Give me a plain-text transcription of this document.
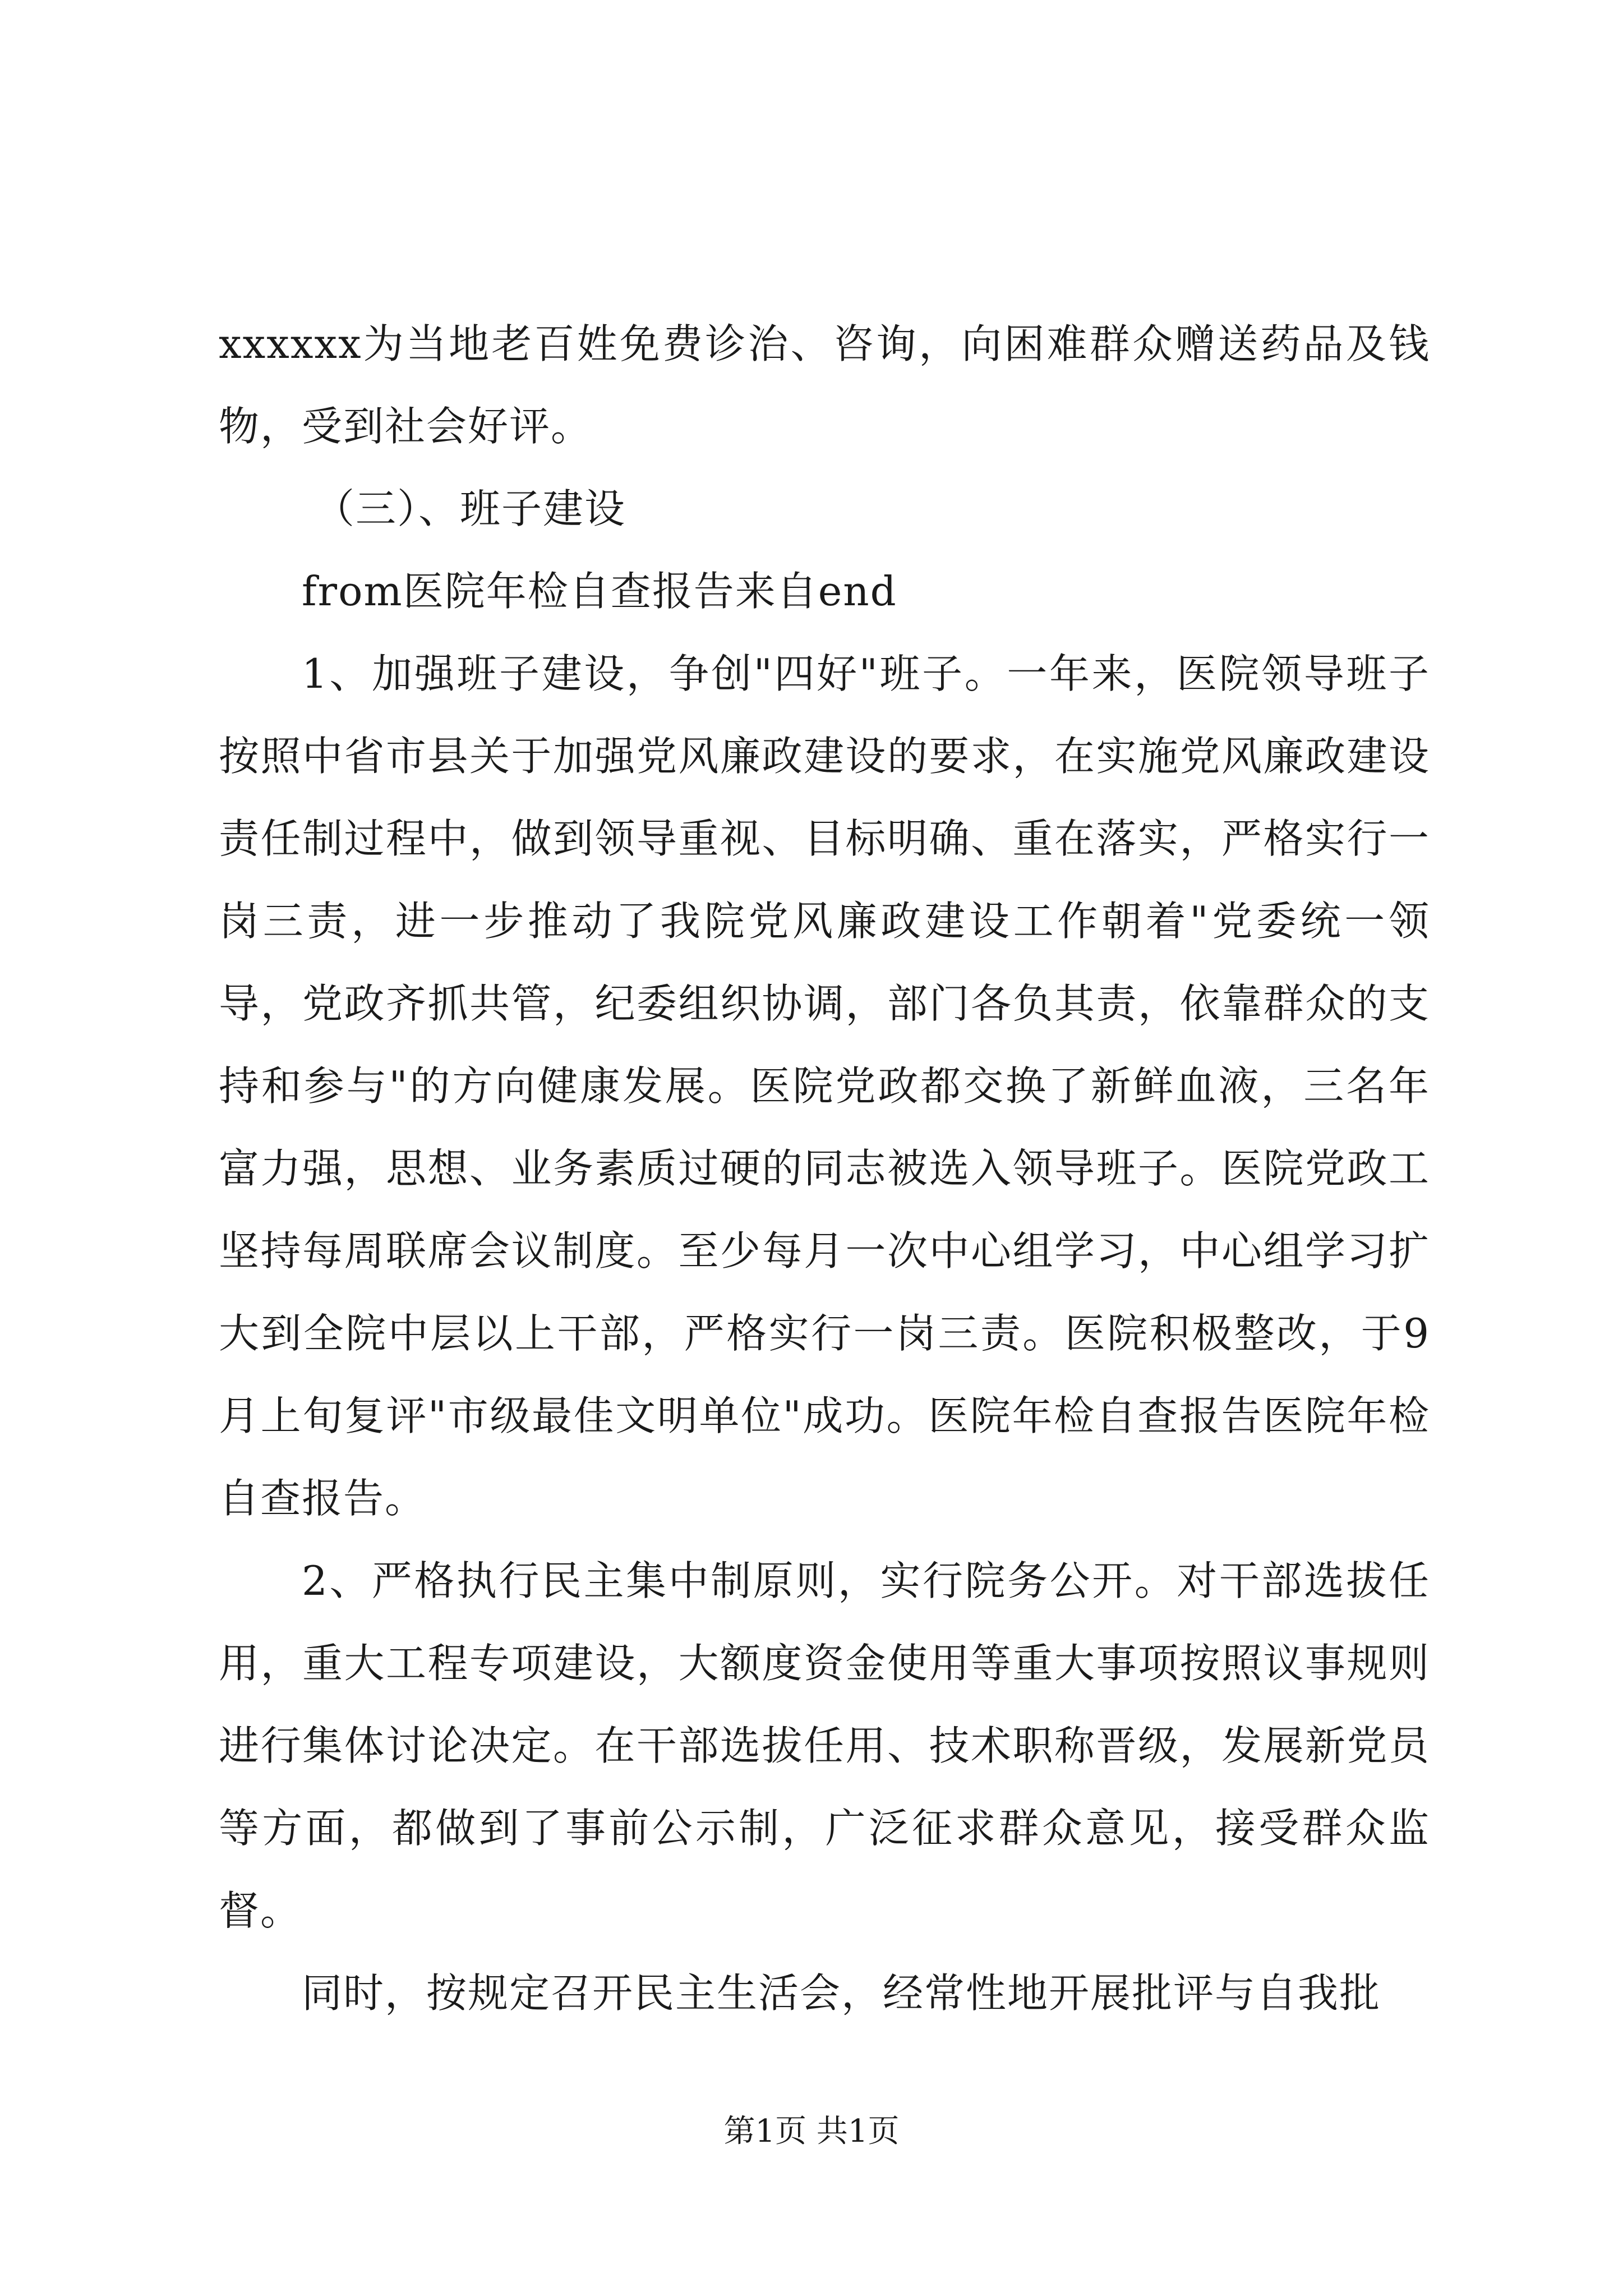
xxxxxx为当地老百姓免费诊治、咨询，向困难群众赠送药品及钱物，受到社会好评。

（三）、班子建设

from医院年检自查报告来自end

1、加强班子建设，争创"四好"班子。一年来，医院领导班子按照中省市县关于加强党风廉政建设的要求，在实施党风廉政建设责任制过程中，做到领导重视、目标明确、重在落实，严格实行一岗三责，进一步推动了我院党风廉政建设工作朝着"党委统一领导，党政齐抓共管，纪委组织协调，部门各负其责，依靠群众的支持和参与"的方向健康发展。医院党政都交换了新鲜血液，三名年富力强，思想、业务素质过硬的同志被选入领导班子。医院党政工坚持每周联席会议制度。至少每月一次中心组学习，中心组学习扩大到全院中层以上干部，严格实行一岗三责。医院积极整改，于9月上旬复评"市级最佳文明单位"成功。医院年检自查报告医院年检自查报告。

2、严格执行民主集中制原则，实行院务公开。对干部选拔任用，重大工程专项建设，大额度资金使用等重大事项按照议事规则进行集体讨论决定。在干部选拔任用、技术职称晋级，发展新党员等方面，都做到了事前公示制，广泛征求群众意见，接受群众监督。

同时，按规定召开民主生活会，经常性地开展批评与自我批

第1页 共1页
